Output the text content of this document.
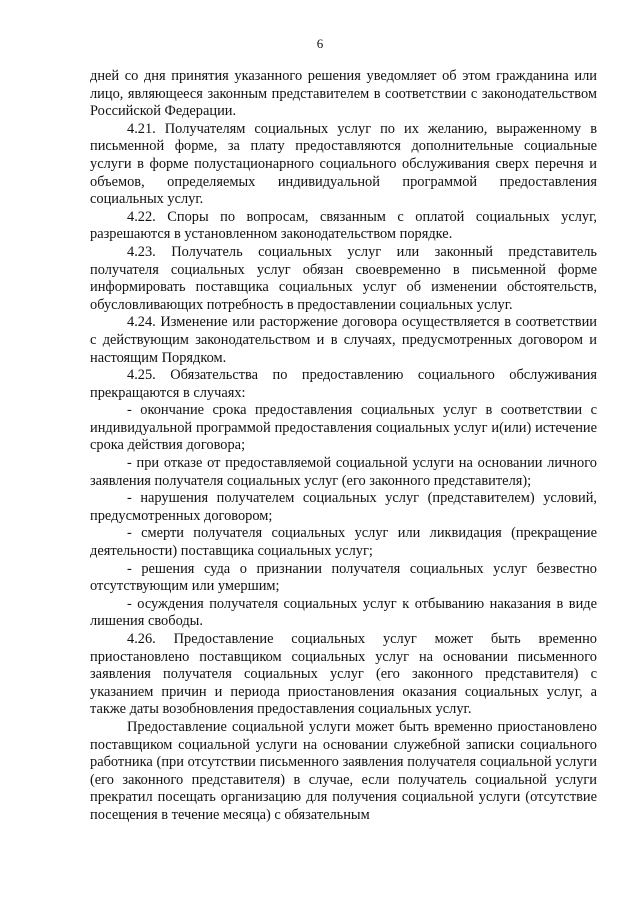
6

дней со дня принятия указанного решения уведомляет об этом гражданина или лицо, являющееся законным представителем в соответствии с законодательством Российской Федерации.

4.21. Получателям социальных услуг по их желанию, выраженному в письменной форме, за плату предоставляются дополнительные социальные услуги в форме полустационарного социального обслуживания сверх перечня и объемов, определяемых индивидуальной программой предоставления социальных услуг.

4.22. Споры по вопросам, связанным с оплатой социальных услуг, разрешаются в установленном законодательством порядке.

4.23. Получатель социальных услуг или законный представитель получателя социальных услуг обязан своевременно в письменной форме информировать поставщика социальных услуг об изменении обстоятельств, обусловливающих потребность в предоставлении социальных услуг.

4.24. Изменение или расторжение договора осуществляется в соответствии с действующим законодательством и в случаях, предусмотренных договором и настоящим Порядком.

4.25. Обязательства по предоставлению социального обслуживания прекращаются в случаях:

- окончание срока предоставления социальных услуг в соответствии с индивидуальной программой предоставления социальных услуг и(или) истечение срока действия договора;

- при отказе от предоставляемой социальной услуги на основании личного заявления получателя социальных услуг (его законного представителя);

- нарушения получателем социальных услуг (представителем) условий, предусмотренных договором;

- смерти получателя социальных услуг или ликвидация (прекращение деятельности) поставщика социальных услуг;

- решения суда о признании получателя социальных услуг безвестно отсутствующим или умершим;

- осуждения получателя социальных услуг к отбыванию наказания в виде лишения свободы.

4.26. Предоставление социальных услуг может быть временно приостановлено поставщиком социальных услуг на основании письменного заявления получателя социальных услуг (его законного представителя) с указанием причин и периода приостановления оказания социальных услуг, а также даты возобновления предоставления социальных услуг.

Предоставление социальной услуги может быть временно приостановлено поставщиком социальной услуги на основании служебной записки социального работника (при отсутствии письменного заявления получателя социальной услуги (его законного представителя) в случае, если получатель социальной услуги прекратил посещать организацию для получения социальной услуги (отсутствие посещения в течение месяца) с обязательным
